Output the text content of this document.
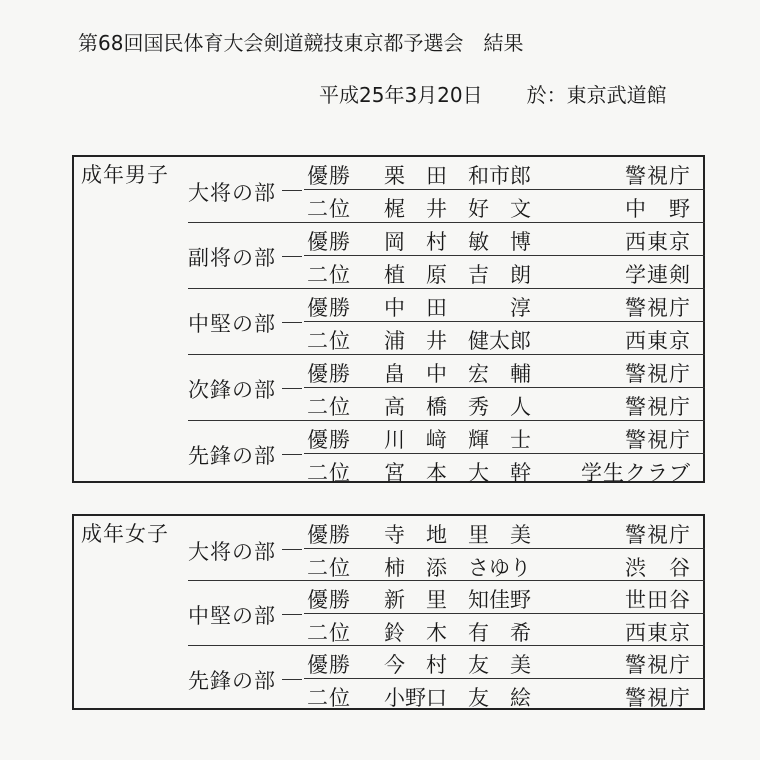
第68回国民体育大会剣道競技東京都予選会　結果
平成25年3月20日 於：東京武道館
成年男子
大将の部
優勝 栗　田　和市郎	警視庁
二位 梶　井　好　文	中　野
副将の部
優勝 岡　村　敏　博	西東京
二位 植　原　吉　朗	学連剣
中堅の部
優勝 中　田　　　淳	警視庁
二位 浦　井　健太郎	西東京
次鋒の部
優勝 畠　中　宏　輔	警視庁
二位 高　橋　秀　人	警視庁
先鋒の部
優勝 川　﨑　輝　士	警視庁
二位 宮　本　大　幹 学生クラブ
成年女子
大将の部
優勝 寺　地　里　美	警視庁
二位 柿　添　さゆり	渋　谷
中堅の部
優勝 新　里　知佳野	世田谷
二位 鈴　木　有　希	西東京
先鋒の部
優勝 今　村　友　美	警視庁
二位 小野口　友　絵	警視庁
